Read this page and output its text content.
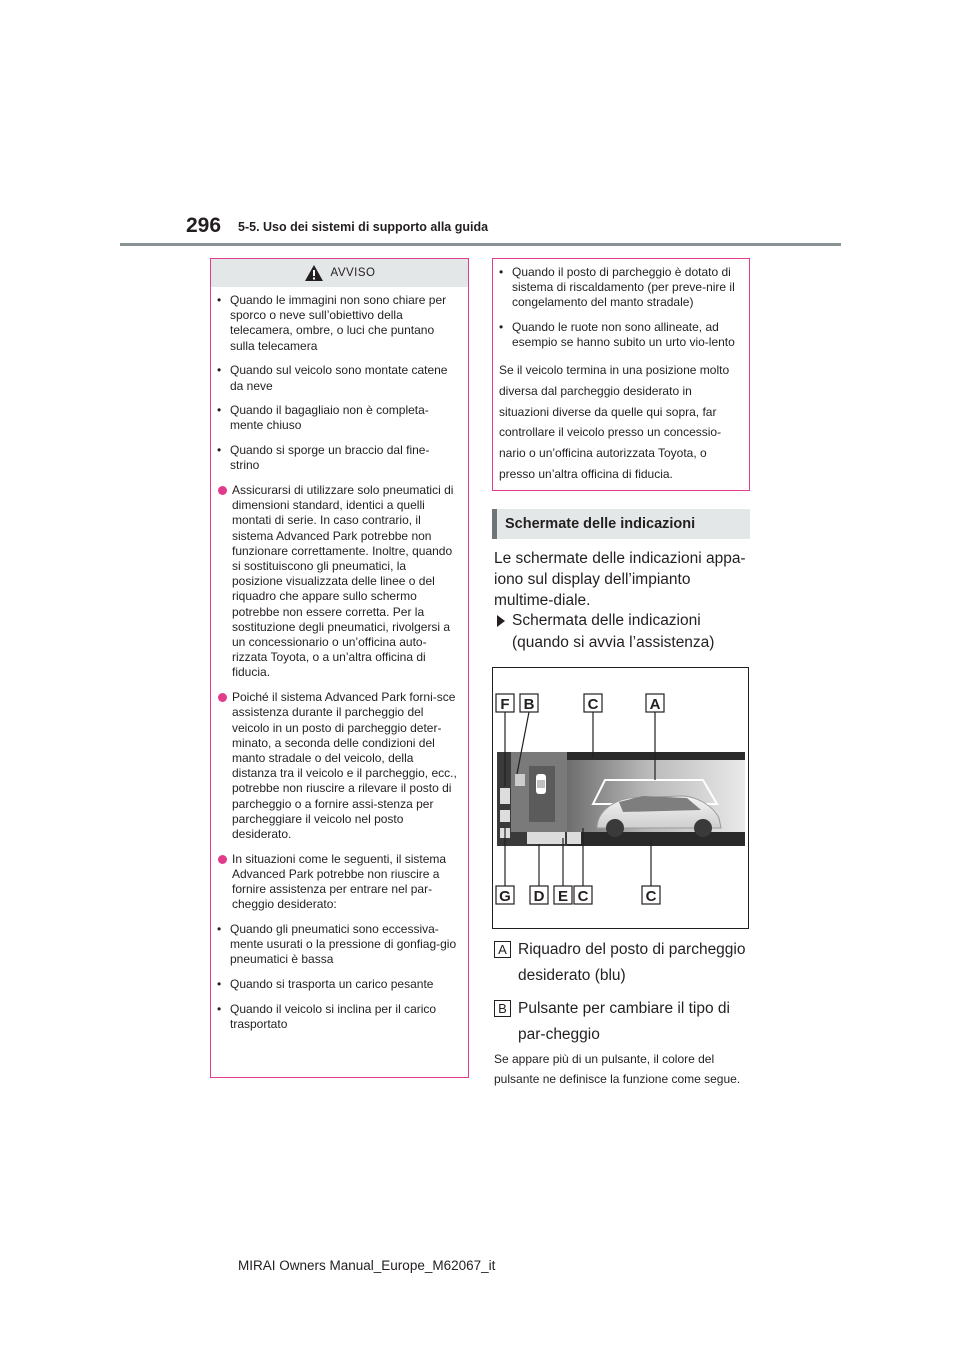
296 5-5. Uso dei sistemi di supporto alla guida
AVVISO
• Quando le immagini non sono chiare per sporco o neve sull’obiettivo della telecamera, ombre, o luci che puntano sulla telecamera
• Quando sul veicolo sono montate catene da neve
• Quando il bagagliaio non è completa-mente chiuso
• Quando si sporge un braccio dal fine-strino
Assicurarsi di utilizzare solo pneumatici di dimensioni standard, identici a quelli montati di serie. In caso contrario, il sistema Advanced Park potrebbe non funzionare correttamente. Inoltre, quando si sostituiscono gli pneumatici, la posizione visualizzata delle linee o del riquadro che appare sullo schermo potrebbe non essere corretta. Per la sostituzione degli pneumatici, rivolgersi a un concessionario o un’officina auto-rizzata Toyota, o a un’altra officina di fiducia.
Poiché il sistema Advanced Park forni-sce assistenza durante il parcheggio del veicolo in un posto di parcheggio deter-minato, a seconda delle condizioni del manto stradale o del veicolo, della distanza tra il veicolo e il parcheggio, ecc., potrebbe non riuscire a rilevare il posto di parcheggio o a fornire assi-stenza per parcheggiare il veicolo nel posto desiderato.
In situazioni come le seguenti, il sistema Advanced Park potrebbe non riuscire a fornire assistenza per entrare nel par-cheggio desiderato:
• Quando gli pneumatici sono eccessiva-mente usurati o la pressione di gonfiag-gio pneumatici è bassa
• Quando si trasporta un carico pesante
• Quando il veicolo si inclina per il carico trasportato
• Quando il posto di parcheggio è dotato di sistema di riscaldamento (per preve-nire il congelamento del manto stradale)
• Quando le ruote non sono allineate, ad esempio se hanno subito un urto vio-lento
Se il veicolo termina in una posizione molto diversa dal parcheggio desiderato in situazioni diverse da quelle qui sopra, far controllare il veicolo presso un concessio-nario o un’officina autorizzata Toyota, o presso un’altra officina di fiducia.
Schermate delle indicazioni
Le schermate delle indicazioni appa-iono sul display dell’impianto multime-diale.
Schermata delle indicazioni (quando si avvia l’assistenza)
F B	C	A
G D E C	C
A Riquadro del posto di parcheggio desiderato (blu)
B Pulsante per cambiare il tipo di par-cheggio
Se appare più di un pulsante, il colore del pulsante ne definisce la funzione come segue.
MIRAI Owners Manual_Europe_M62067_it
